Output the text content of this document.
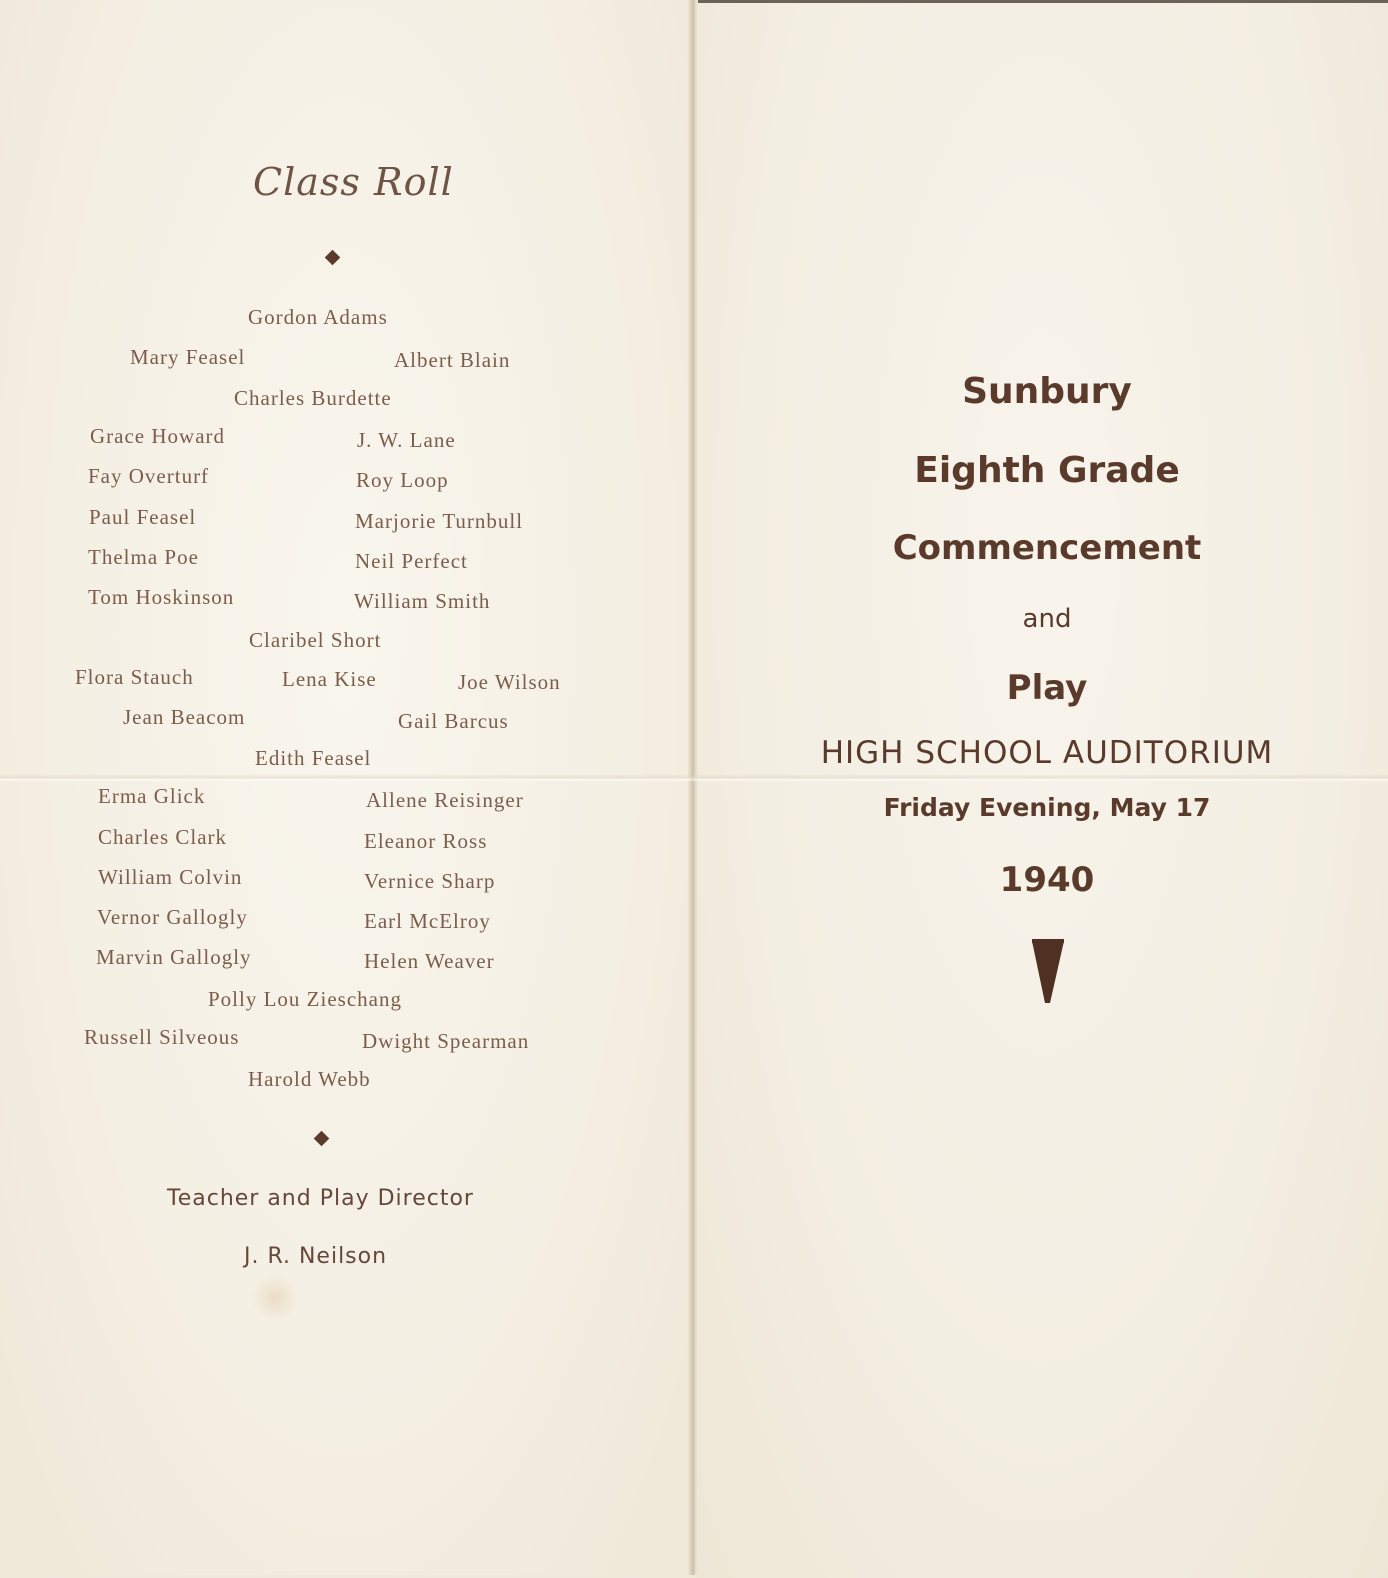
Class Roll
Gordon Adams
Mary Feasel	Albert Blain
Charles Burdette
Grace Howard	J. W. Lane
Fay Overturf	Roy Loop
Paul Feasel	Marjorie Turnbull
Thelma Poe	Neil Perfect
Tom Hoskinson	William Smith
Claribel Short
Flora Stauch	Lena Kise	Joe Wilson
Jean Beacom	Gail Barcus
Edith Feasel
Erma Glick	Allene Reisinger
Charles Clark	Eleanor Ross
William Colvin	Vernice Sharp
Vernor Gallogly	Earl McElroy
Marvin Gallogly	Helen Weaver
Polly Lou Zieschang
Russell Silveous	Dwight Spearman
Harold Webb
Teacher and Play Director
J. R. Neilson
Sunbury
Eighth Grade
Commencement
and
Play
HIGH SCHOOL AUDITORIUM
Friday Evening, May 17
1940
